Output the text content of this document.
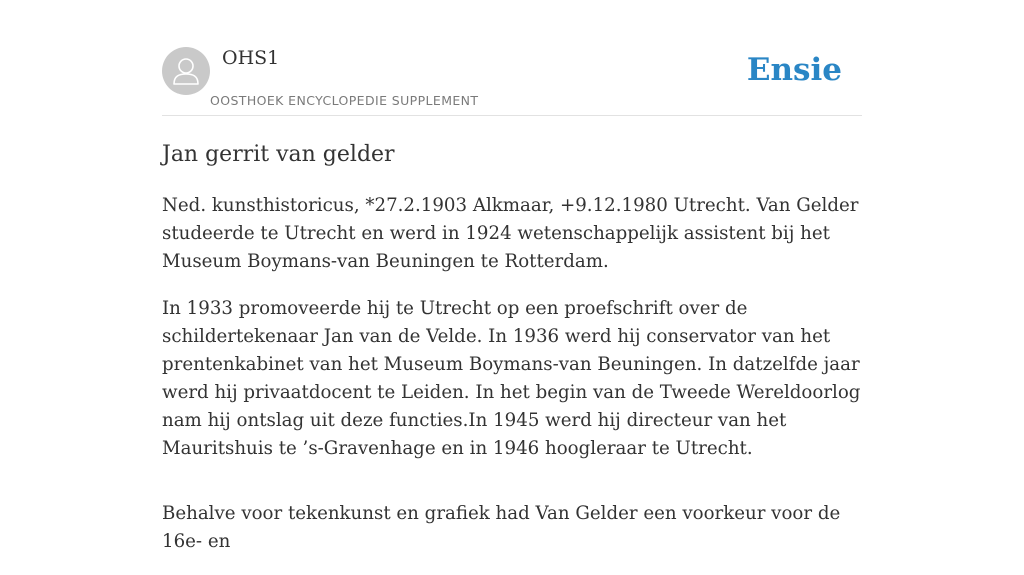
OHS1
OOSTHOEK ENCYCLOPEDIE SUPPLEMENT
Ensie
Jan gerrit van gelder

Ned. kunsthistoricus, *27.2.1903 Alkmaar, +9.12.1980 Utrecht. Van Gelder studeerde te Utrecht en werd in 1924 wetenschappelijk assistent bij het Museum Boymans-van Beuningen te Rotterdam.

In 1933 promoveerde hij te Utrecht op een proefschrift over de schildertekenaar Jan van de Velde. In 1936 werd hij conservator van het prentenkabinet van het Museum Boymans-van Beuningen. In datzelfde jaar werd hij privaatdocent te Leiden. In het begin van de Tweede Wereldoorlog nam hij ontslag uit deze functies.In 1945 werd hij directeur van het Mauritshuis te ’s-Gravenhage en in 1946 hoogleraar te Utrecht.

Behalve voor tekenkunst en grafiek had Van Gelder een voorkeur voor de 16e- en
